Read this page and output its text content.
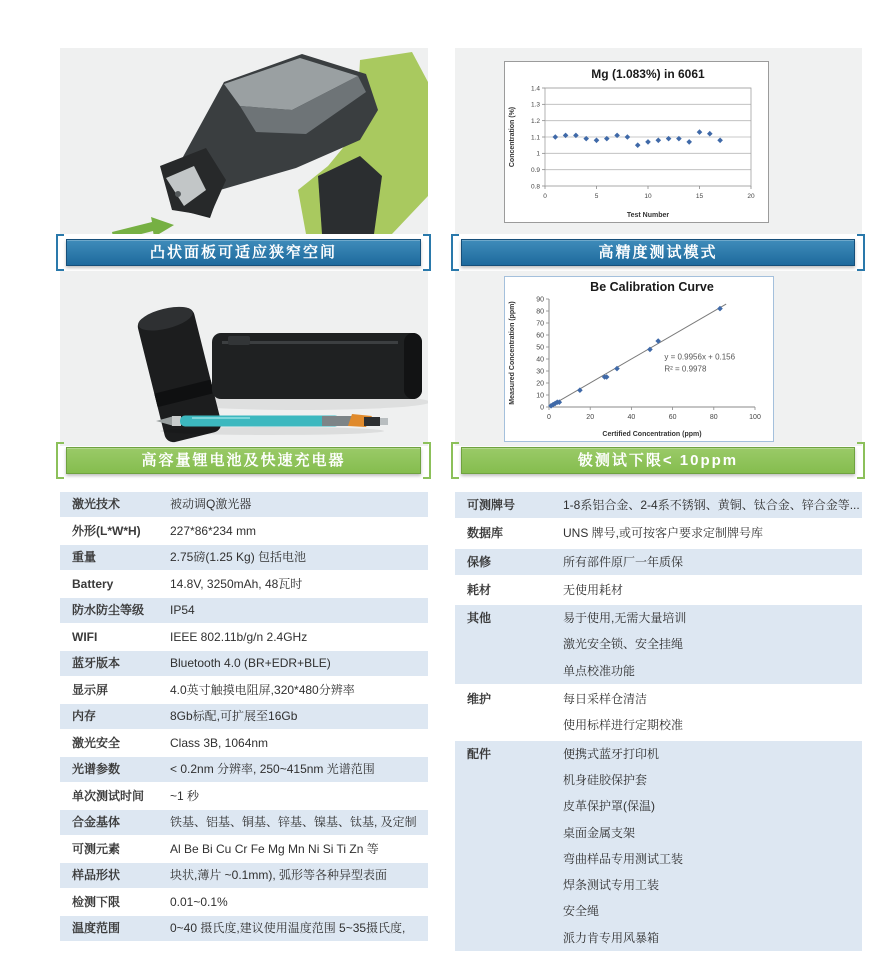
Mg (1.083%) in 6061
0.8
0.9
1
1.1
1.2
1.3
1.4
0	5	10	15	20
Test Number
Concentration (%)
凸状面板可适应狭窄空间	高精度测试模式
Be Calibration Curve
0
10
20
30
40
50
60
70
80
90
0	20	40	60	80	100
y = 0.9956x + 0.156
R² = 0.9978
Certified Concentration (ppm)
Measured Concentration (ppm)
高容量锂电池及快速充电器	铍测试下限< 10ppm
激光技术	被动调Q激光器
外形(L*W*H)	227*86*234 mm
重量	2.75磅(1.25 Kg) 包括电池
Battery	14.8V, 3250mAh, 48瓦时
防水防尘等级	IP54
WIFI	IEEE 802.11b/g/n 2.4GHz
蓝牙版本	Bluetooth 4.0 (BR+EDR+BLE)
显示屏	4.0英寸触摸电阻屏,320*480分辨率
内存	8Gb标配,可扩展至16Gb
激光安全	Class 3B, 1064nm
光谱参数	< 0.2nm 分辨率, 250~415nm 光谱范围
单次测试时间	~1 秒
合金基体	铁基、铝基、铜基、锌基、镍基、钛基, 及定制
可测元素	Al Be Bi Cu Cr Fe Mg Mn Ni Si Ti Zn 等
样品形状	块状,薄片 ~0.1mm), 弧形等各种异型表面
检测下限	0.01~0.1%
温度范围	0~40 摄氏度,建议使用温度范围 5~35摄氏度,
可测牌号	1-8系铝合金、2-4系不锈钢、黄铜、钛合金、锌合金等...
数据库	UNS 牌号,或可按客户要求定制牌号库
保修	所有部件原厂一年质保
耗材	无使用耗材
其他	易于使用,无需大量培训
激光安全锁、安全挂绳
单点校准功能
维护	每日采样仓清洁
使用标样进行定期校准
配件	便携式蓝牙打印机
机身硅胶保护套
皮革保护罩(保温)
桌面金属支架
弯曲样品专用测试工装
焊条测试专用工装
安全绳
派力肯专用风暴箱
